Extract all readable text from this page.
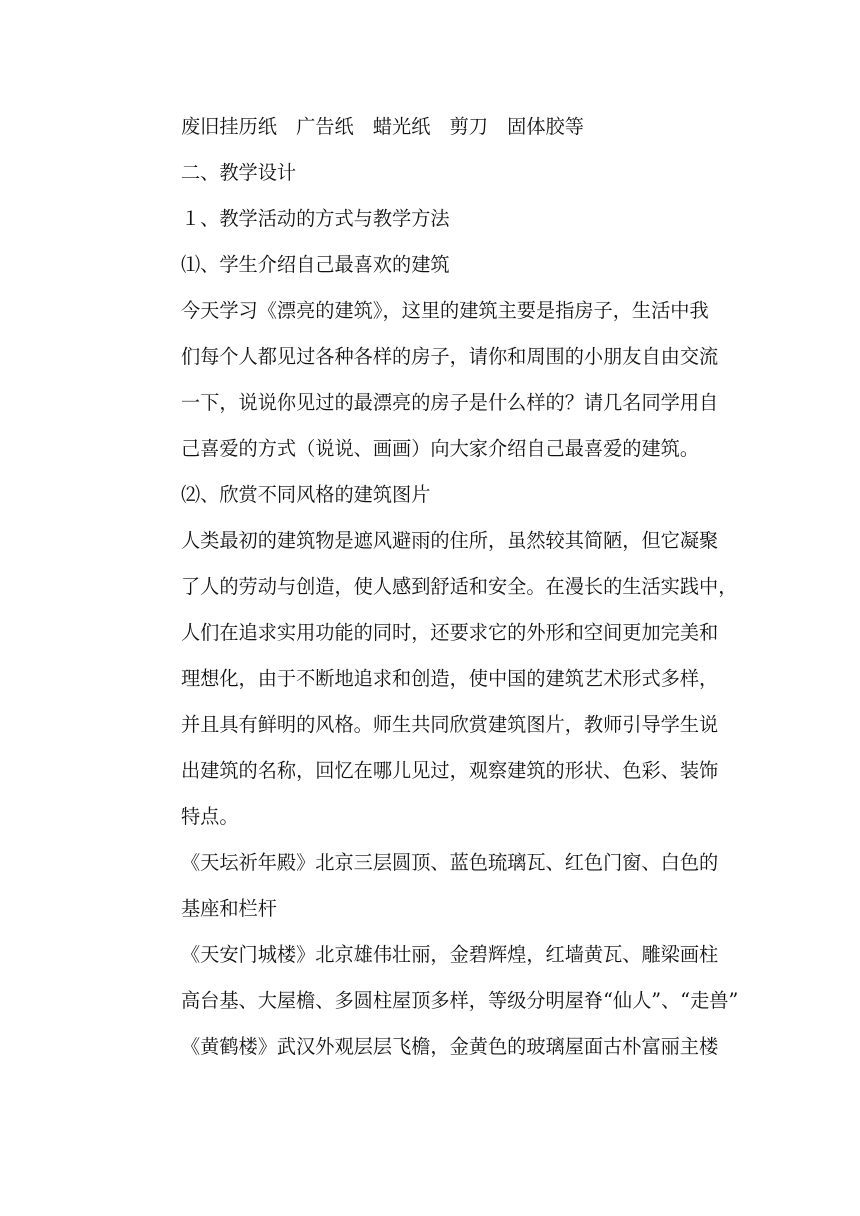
废旧挂历纸　广告纸　蜡光纸　剪刀　固体胶等
二、教学设计
１、教学活动的方式与教学方法
⑴、学生介绍自己最喜欢的建筑
今天学习《漂亮的建筑》，这里的建筑主要是指房子，生活中我
们每个人都见过各种各样的房子，请你和周围的小朋友自由交流
一下，说说你见过的最漂亮的房子是什么样的？请几名同学用自
己喜爱的方式（说说、画画）向大家介绍自己最喜爱的建筑。
⑵、欣赏不同风格的建筑图片
人类最初的建筑物是遮风避雨的住所，虽然较其简陋，但它凝聚
了人的劳动与创造，使人感到舒适和安全。在漫长的生活实践中，
人们在追求实用功能的同时，还要求它的外形和空间更加完美和
理想化，由于不断地追求和创造，使中国的建筑艺术形式多样，
并且具有鲜明的风格。师生共同欣赏建筑图片，教师引导学生说
出建筑的名称，回忆在哪儿见过，观察建筑的形状、色彩、装饰
特点。
《天坛祈年殿》北京三层圆顶、蓝色琉璃瓦、红色门窗、白色的
基座和栏杆
《天安门城楼》北京雄伟壮丽，金碧辉煌，红墙黄瓦、雕梁画柱
高台基、大屋檐、多圆柱屋顶多样，等级分明屋脊“仙人”、“走兽”
《黄鹤楼》武汉外观层层飞檐，金黄色的玻璃屋面古朴富丽主楼
